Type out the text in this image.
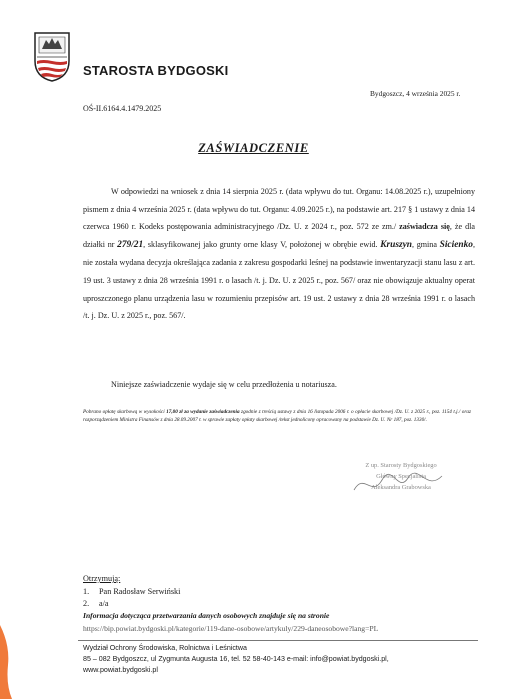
STAROSTA BYDGOSKI
Bydgoszcz, 4 września 2025 r.
OŚ-II.6164.4.1479.2025
ZAŚWIADCZENIE

W odpowiedzi na wniosek z dnia 14 sierpnia 2025 r. (data wpływu do tut. Organu: 14.08.2025 r.), uzupełniony pismem z dnia 4 września 2025 r. (data wpływu do tut. Organu: 4.09.2025 r.), na podstawie art. 217 § 1 ustawy z dnia 14 czerwca 1960 r. Kodeks postępowania administracyjnego /Dz. U. z 2024 r., poz. 572 ze zm./ zaświadcza się, że dla działki nr 279/21, sklasyfikowanej jako grunty orne klasy V, położonej w obrębie ewid. Kruszyn, gmina Sicienko, nie została wydana decyzja określająca zadania z zakresu gospodarki leśnej na podstawie inwentaryzacji stanu lasu z art. 19 ust. 3 ustawy z dnia 28 września 1991 r. o lasach /t. j. Dz. U. z 2025 r., poz. 567/ oraz nie obowiązuje aktualny operat uproszczonego planu urządzenia lasu w rozumieniu przepisów art. 19 ust. 2 ustawy z dnia 28 września 1991 r. o lasach /t. j. Dz. U. z 2025 r., poz. 567/.

Niniejsze zaświadczenie wydaje się w celu przedłożenia u notariusza.
Pobrano opłatę skarbową w wysokości 17,00 zł za wydanie zaświadczenia zgodnie z treścią ustawy z dnia 16 listopada 2006 r. o opłacie skarbowej /Dz. U. z 2025 r., poz. 1154 t.j./ oraz rozporządzeniem Ministra Finansów z dnia 28.09.2007 r. w sprawie zapłaty opłaty skarbowej /tekst jednolicony opracowany na podstawie Dz. U. Nr 187, poz. 1330/.
Z up. Starosty Bydgoskiego
Główny Specjalista
Aleksandra Grabowska
Otrzymują:
1. Pan Radosław Serwiński
2. a/a
Informacja dotycząca przetwarzania danych osobowych znajduje się na stronie
https://bip.powiat.bydgoski.pl/kategorie/119-dane-osobowe/artykuly/229-daneosobowe?lang=PL
Wydział Ochrony Środowiska, Rolnictwa i Leśnictwa
85 – 082 Bydgoszcz, ul Zygmunta Augusta 16, tel. 52 58-40-143 e-mail: info@powiat.bydgoski.pl,
www.powiat.bydgoski.pl
